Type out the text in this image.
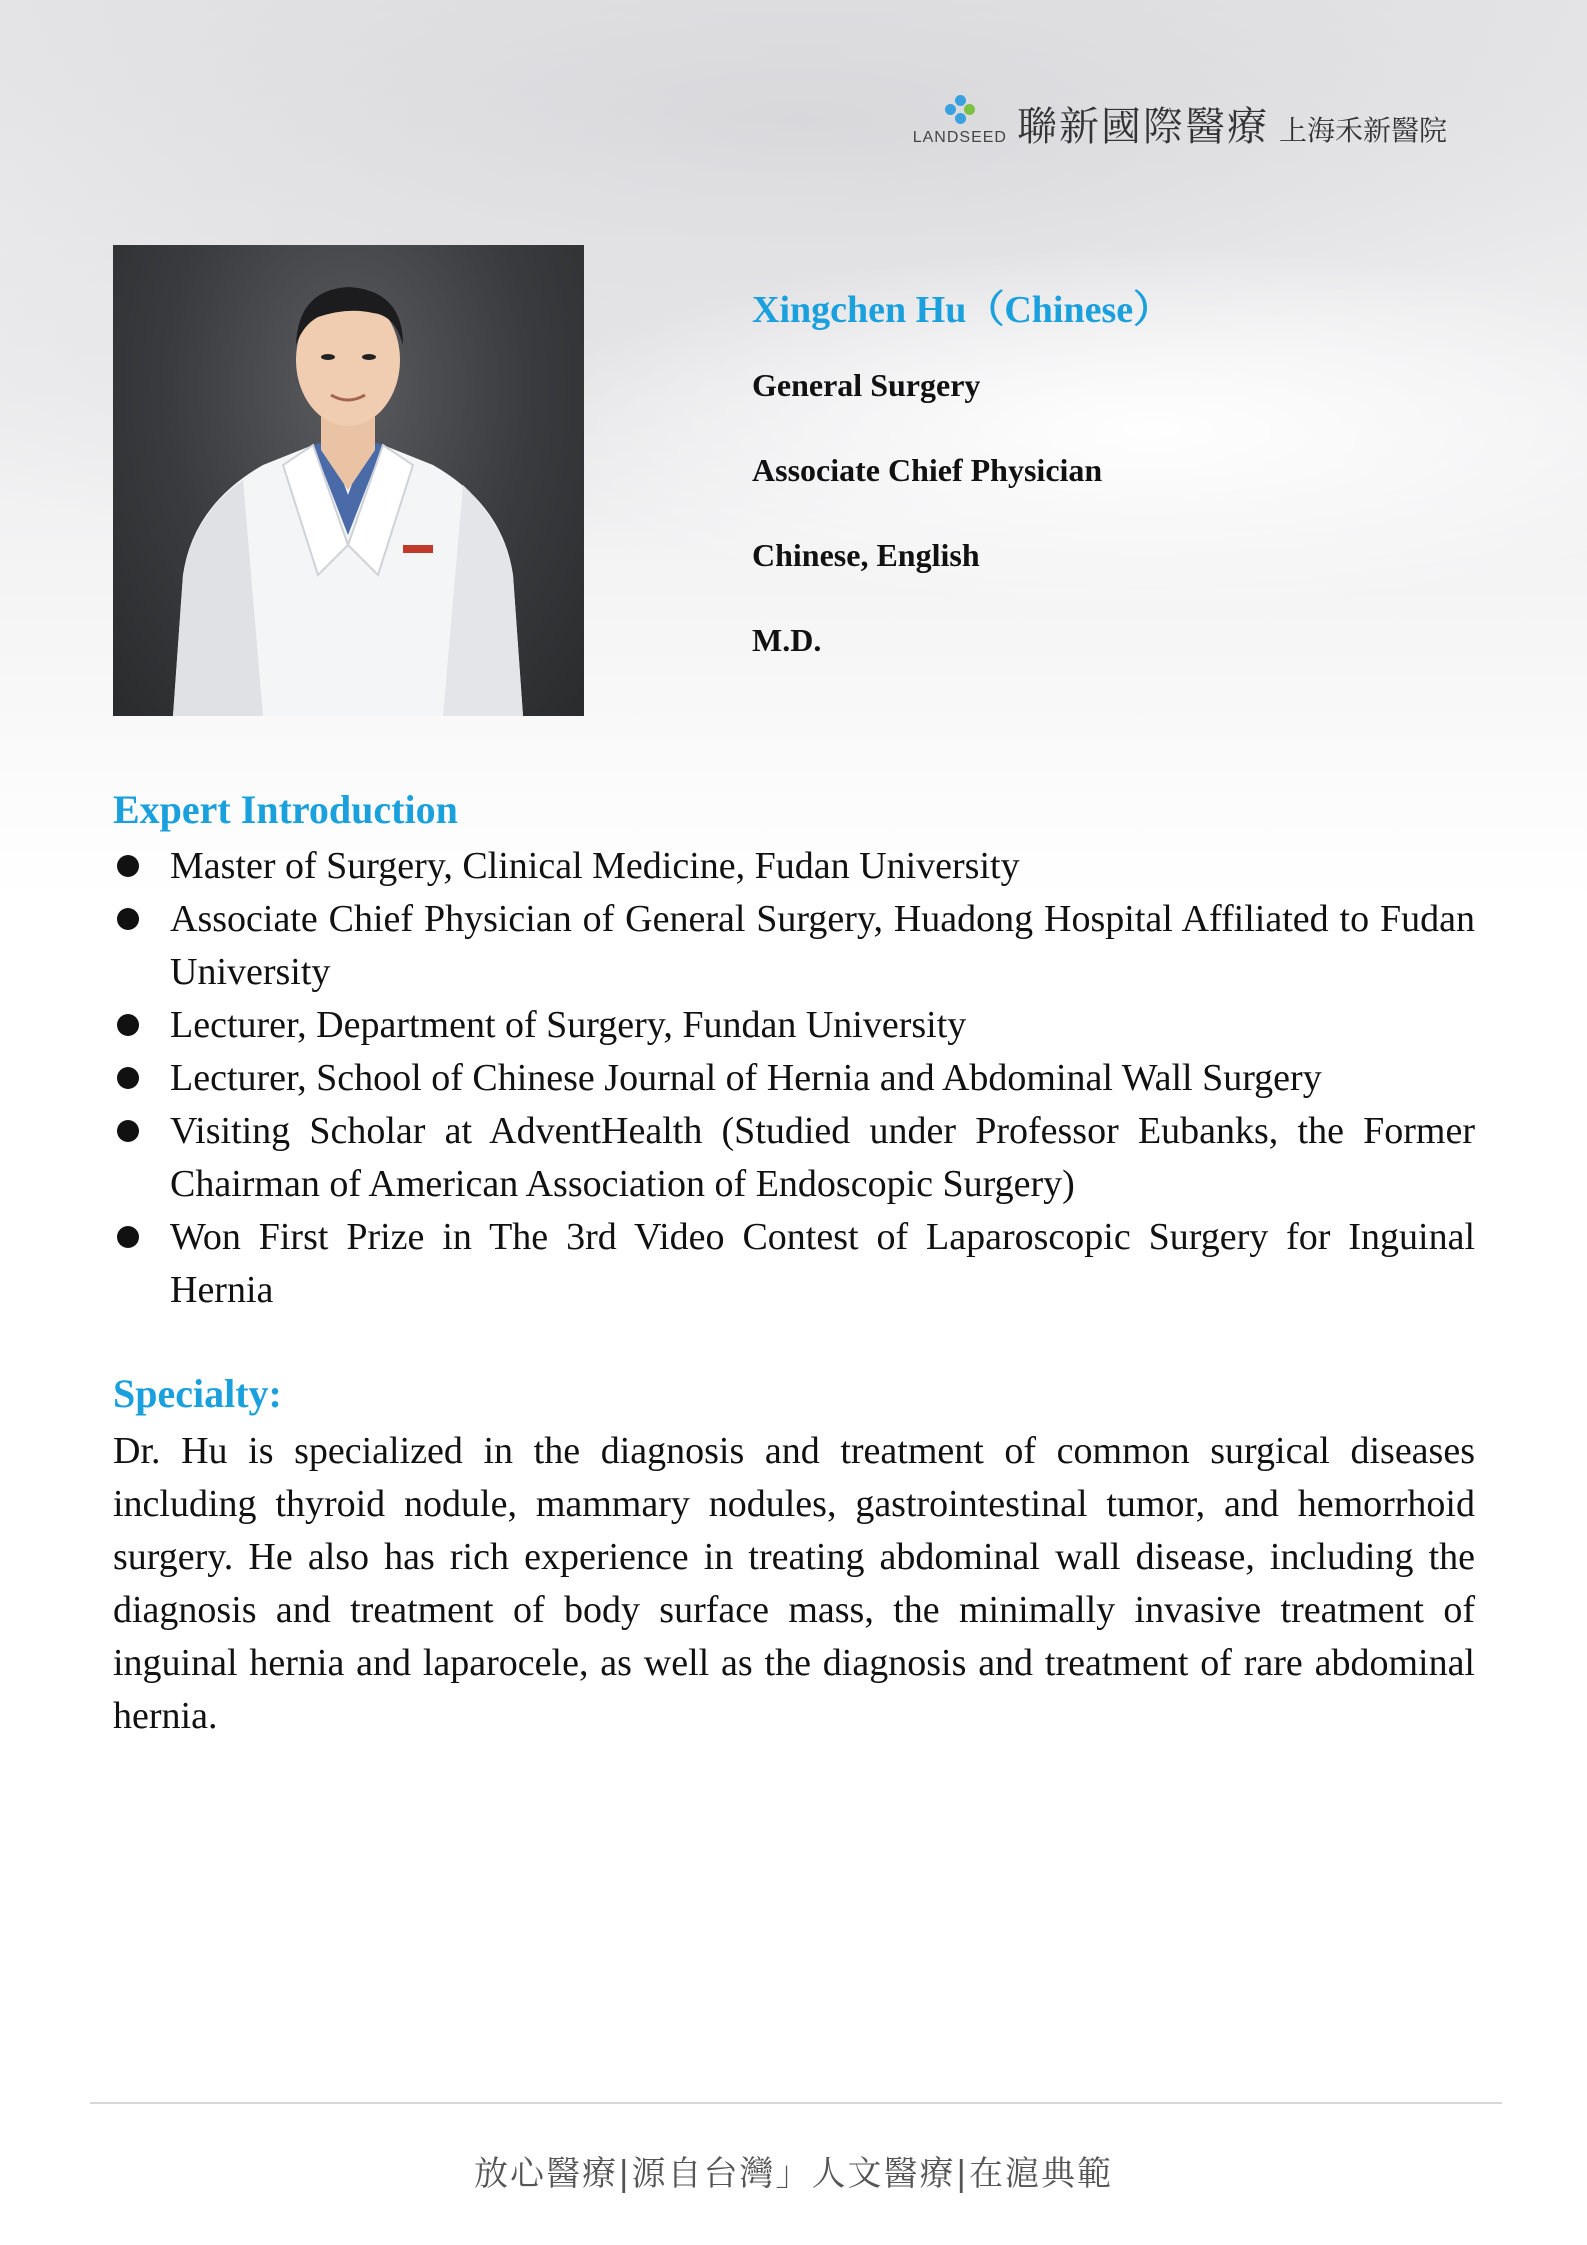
LANDSEED 聯新國際醫療 上海禾新醫院
Xingchen Hu（Chinese）
General Surgery
Associate Chief Physician
Chinese, English
M.D.
Expert Introduction
Master of Surgery, Clinical Medicine, Fudan University
Associate Chief Physician of General Surgery, Huadong Hospital Affiliated to Fudan University
Lecturer, Department of Surgery, Fundan University
Lecturer, School of Chinese Journal of Hernia and Abdominal Wall Surgery
Visiting Scholar at AdventHealth (Studied under Professor Eubanks, the Former Chairman of American Association of Endoscopic Surgery)
Won First Prize in The 3rd Video Contest of Laparoscopic Surgery for Inguinal Hernia
Specialty:

Dr. Hu is specialized in the diagnosis and treatment of common surgical diseases including thyroid nodule, mammary nodules, gastrointestinal tumor, and hemorrhoid surgery. He also has rich experience in treating abdominal wall disease, including the diagnosis and treatment of body surface mass, the minimally invasive treatment of inguinal hernia and laparocele, as well as the diagnosis and treatment of rare abdominal hernia.

放心醫療|源自台灣」人文醫療|在滬典範
